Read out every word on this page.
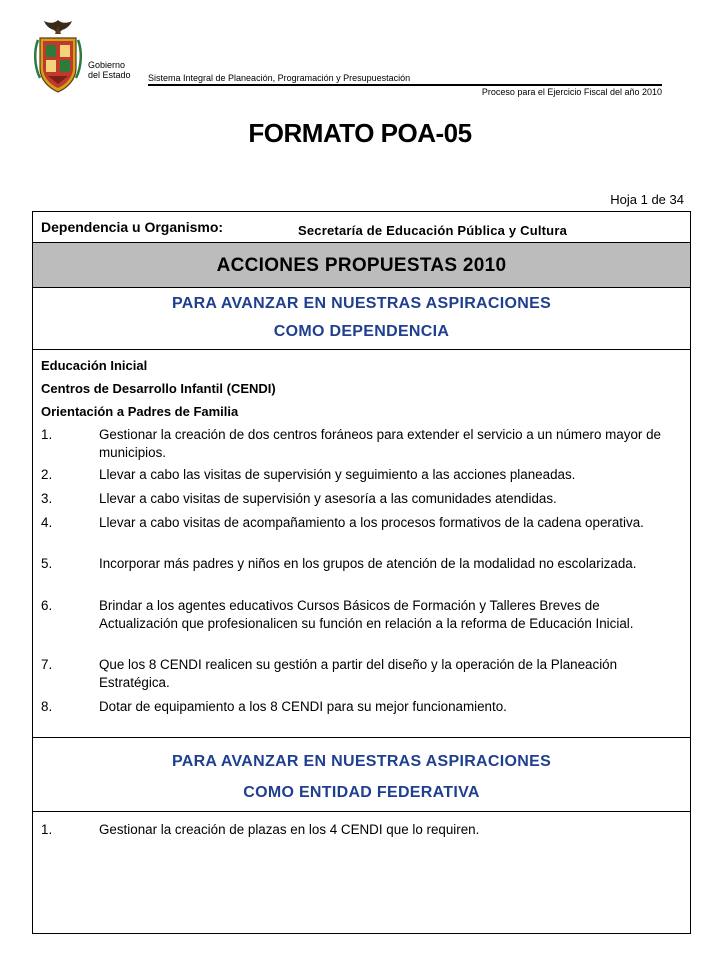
Gobierno
del Estado Sistema Integral de Planeación, Programación y Presupuestación
Proceso para el Ejercicio Fiscal del año 2010
FORMATO POA-05
Hoja 1 de 34
Dependencia u Organismo:	Secretaría de Educación Pública y Cultura
ACCIONES PROPUESTAS 2010
PARA AVANZAR EN NUESTRAS ASPIRACIONES
COMO DEPENDENCIA
Educación Inicial
Centros de Desarrollo Infantil (CENDI)
Orientación a Padres de Familia
1.	Gestionar la creación de dos centros foráneos para extender el servicio a un número mayor de municipios.
2.	Llevar a cabo las visitas de supervisión y seguimiento a las acciones planeadas.
3.	Llevar a cabo visitas de supervisión y asesoría a las comunidades atendidas.
4.	Llevar a cabo visitas de acompañamiento a los procesos formativos de la cadena operativa.
5.	Incorporar más padres y niños en los grupos de atención de la modalidad no escolarizada.
6.	Brindar a los agentes educativos Cursos Básicos de Formación y Talleres Breves de Actualización que profesionalicen su función en relación a la reforma de Educación Inicial.
7.	Que los 8 CENDI realicen su gestión a partir del diseño y la operación de la Planeación Estratégica.
8.	Dotar de equipamiento a los 8 CENDI para su mejor funcionamiento.
PARA AVANZAR EN NUESTRAS ASPIRACIONES
COMO ENTIDAD FEDERATIVA
1.	Gestionar la creación de plazas en los 4 CENDI que lo requiren.
